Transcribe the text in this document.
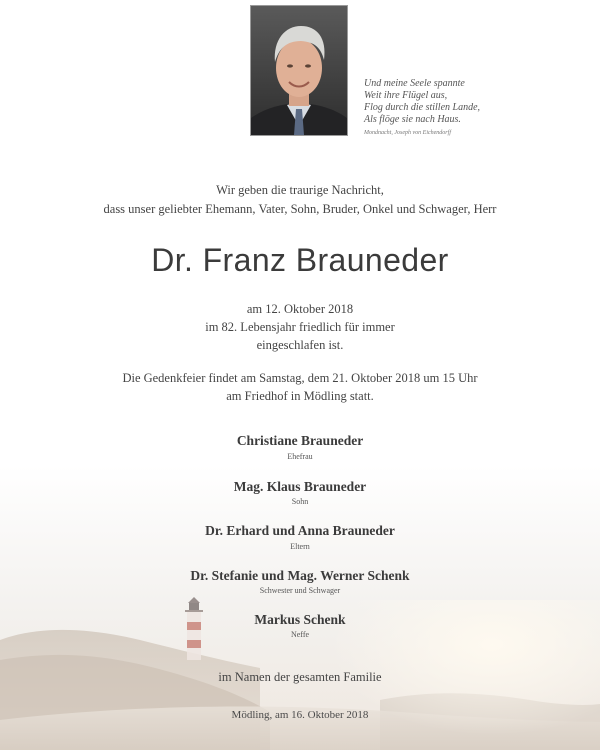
Und meine Seele spannte
Weit ihre Flügel aus,
Flog durch die stillen Lande,
Als flöge sie nach Haus.
Mondnacht, Joseph von Eichendorff
Wir geben die traurige Nachricht,
dass unser geliebter Ehemann, Vater, Sohn, Bruder, Onkel und Schwager, Herr
Dr. Franz Brauneder
am 12. Oktober 2018
im 82. Lebensjahr friedlich für immer
eingeschlafen ist.
Die Gedenkfeier findet am Samstag, dem 21. Oktober 2018 um 15 Uhr
am Friedhof in Mödling statt.
Christiane Brauneder
Ehefrau
Mag. Klaus Brauneder
Sohn
Dr. Erhard und Anna Brauneder
Eltern
Dr. Stefanie und Mag. Werner Schenk
Schwester und Schwager
Markus Schenk
Neffe
im Namen der gesamten Familie
Mödling, am 16. Oktober 2018
